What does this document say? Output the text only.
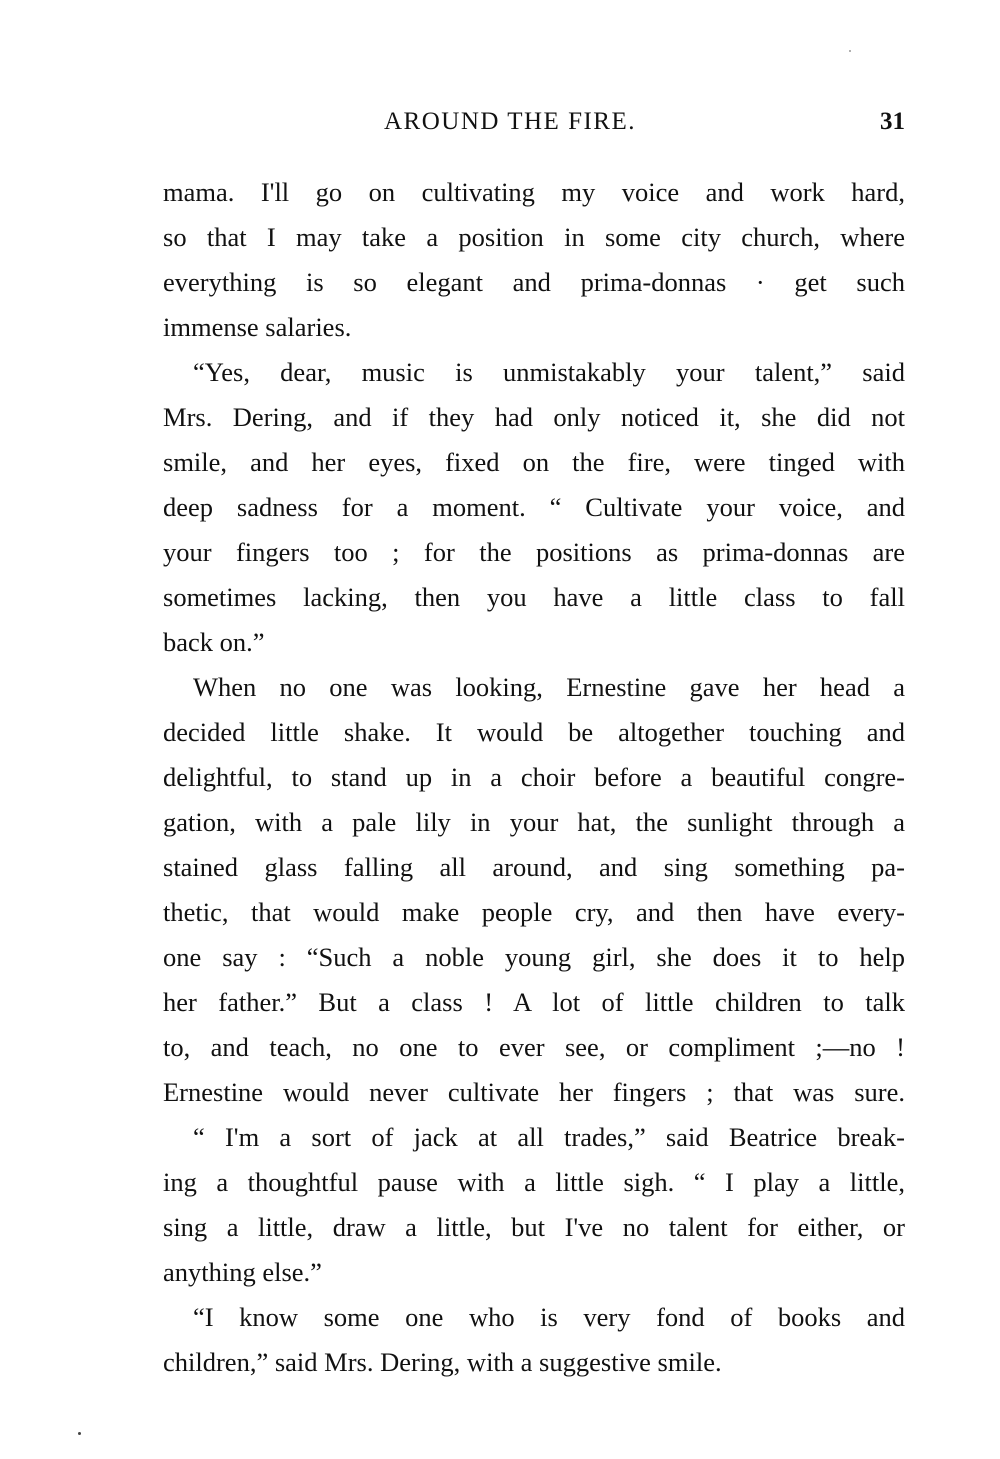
AROUND THE FIRE.	31
mama. I'll go on cultivating my voice and work hard,
so that I may take a position in some city church, where
everything is so elegant and prima-donnas · get such
immense salaries.
“Yes, dear, music is unmistakably your talent,” said
Mrs. Dering, and if they had only noticed it, she did not
smile, and her eyes, fixed on the fire, were tinged with
deep sadness for a moment. “ Cultivate your voice, and
your fingers too ; for the positions as prima-donnas are
sometimes lacking, then you have a little class to fall
back on.”
When no one was looking, Ernestine gave her head a
decided little shake. It would be altogether touching and
delightful, to stand up in a choir before a beautiful congre-
gation, with a pale lily in your hat, the sunlight through a
stained glass falling all around, and sing something pa-
thetic, that would make people cry, and then have every-
one say : “Such a noble young girl, she does it to help
her father.” But a class ! A lot of little children to talk
to, and teach, no one to ever see, or compliment ;—no !
Ernestine would never cultivate her fingers ; that was sure.
“ I'm a sort of jack at all trades,” said Beatrice break-
ing a thoughtful pause with a little sigh. “ I play a little,
sing a little, draw a little, but I've no talent for either, or
anything else.”
“I know some one who is very fond of books and
children,” said Mrs. Dering, with a suggestive smile.
